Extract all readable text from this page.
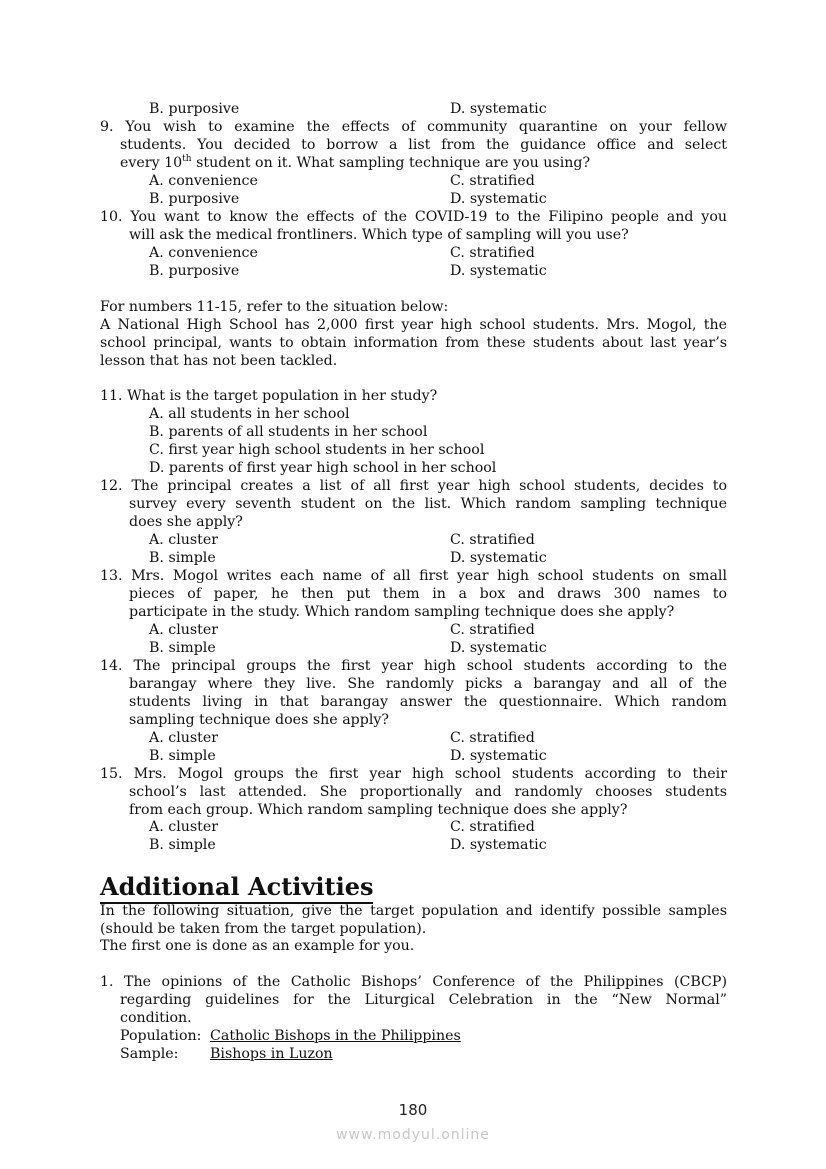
B. purposive	D. systematic
9. You wish to examine the effects of community quarantine on your fellow
students. You decided to borrow a list from the guidance office and select
every 10th student on it. What sampling technique are you using?
A. convenience	C. stratified
B. purposive	D. systematic
10. You want to know the effects of the COVID-19 to the Filipino people and you
will ask the medical frontliners. Which type of sampling will you use?
A. convenience	C. stratified
B. purposive	D. systematic
For numbers 11-15, refer to the situation below:
A National High School has 2,000 first year high school students. Mrs. Mogol, the
school principal, wants to obtain information from these students about last year’s
lesson that has not been tackled.
11. What is the target population in her study?
A. all students in her school
B. parents of all students in her school
C. first year high school students in her school
D. parents of first year high school in her school
12. The principal creates a list of all first year high school students, decides to
survey every seventh student on the list. Which random sampling technique
does she apply?
A. cluster	C. stratified
B. simple	D. systematic
13. Mrs. Mogol writes each name of all first year high school students on small
pieces of paper, he then put them in a box and draws 300 names to
participate in the study. Which random sampling technique does she apply?
A. cluster	C. stratified
B. simple	D. systematic
14. The principal groups the first year high school students according to the
barangay where they live. She randomly picks a barangay and all of the
students living in that barangay answer the questionnaire. Which random
sampling technique does she apply?
A. cluster	C. stratified
B. simple	D. systematic
15. Mrs. Mogol groups the first year high school students according to their
school’s last attended. She proportionally and randomly chooses students
from each group. Which random sampling technique does she apply?
A. cluster	C. stratified
B. simple	D. systematic
Additional Activities
In the following situation, give the target population and identify possible samples
(should be taken from the target population).
The first one is done as an example for you.
1. The opinions of the Catholic Bishops’ Conference of the Philippines (CBCP)
regarding guidelines for the Liturgical Celebration in the “New Normal”
condition.
Population: Catholic Bishops in the Philippines
Sample: Bishops in Luzon
180
www.modyul.online
